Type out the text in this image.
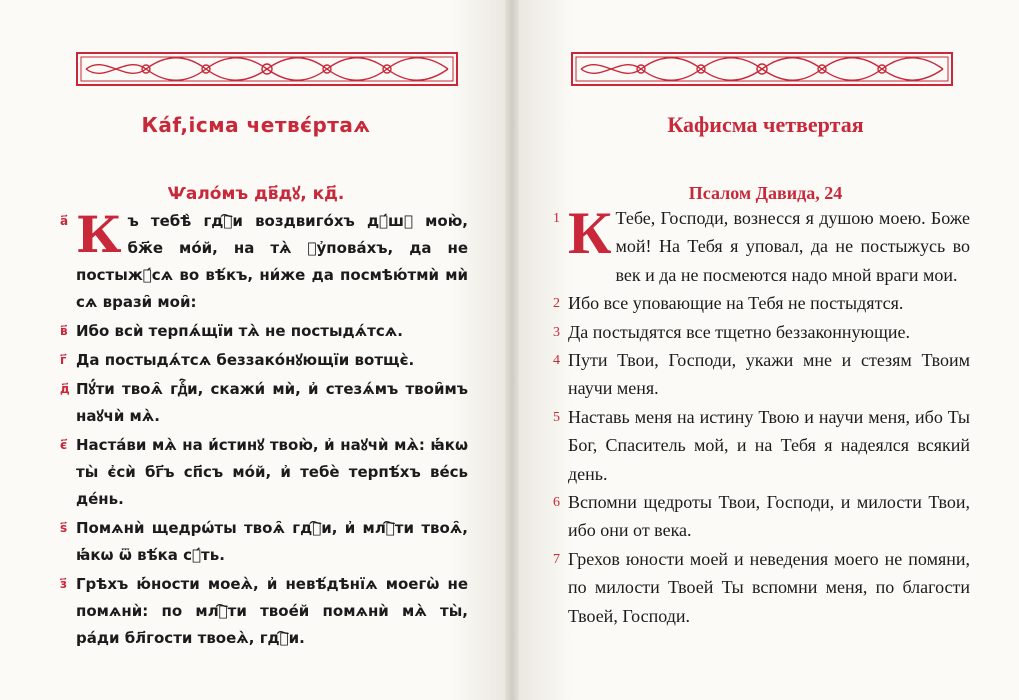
Ка́f,ісма четвє́ртаѧ
Ѱало́мъ дв҃дꙋ, кд҃.
а҃ К ъ тебѣ̀ гдⷭ҇и воздвиго́хъ дꙋ́шꙋ мою̀, бж҃е мо́й, на тѧ̀ ᲂу҆пова́хъ, да не постыжꙋ́сѧ во вѣ́къ, ни́же да посмѣю́тмѝ мѝ сѧ врази̑ мои̑:
в҃ Ибо всѝ терпѧ́щїи тѧ̀ не постыдѧ́тсѧ.
г҃ Да постыдѧ́тсѧ беззако́нꙋющїи вотщє̀.
д҃ Пꙋ́ти твоѧ̑ гдⷭ҇и, скажи́ мѝ, и҆ стезѧ́мъ твои̑мъ наꙋчѝ мѧ̀.
є҃ Наста́ви мѧ̀ на и҆́стинꙋ твою̀, и҆ наꙋчѝ мѧ̀: ꙗ҆́кѡ ты̀ є҆сѝ бг҃ъ сп҃съ мо́й, и҆ тебѐ терпѣ́хъ ве́сь де́нь.
ѕ҃ Помѧнѝ щедрѡ́ты твоѧ̑ гдⷭ҇и, и҆ млⷭ҇ти твоѧ̑, ꙗ҆́кѡ ѿ вѣ́ка сꙋ́ть.
з҃ Грѣхъ ю҆́ности моеѧ̀, и҆ невѣ́дѣнїѧ моегѡ̀ не помѧнѝ: по млⷭ҇ти твое́й помѧнѝ мѧ̀ ты̀, ра́ди бл҃гости твоеѧ̀, гдⷭ҇и.
Кафисма четвертая
Псалом Давида, 24
1 К Тебе, Господи, вознесся я душою моею. Боже мой! На Тебя я уповал, да не постыжусь во век и да не посмеются надо мной враги мои.
2 Ибо все уповающие на Тебя не постыдятся.
3 Да постыдятся все тщетно беззаконнующие.
4 Пути Твои, Господи, укажи мне и стезям Твоим научи меня.
5 Наставь меня на истину Твою и научи меня, ибо Ты Бог, Спаситель мой, и на Тебя я надеялся всякий день.
6 Вспомни щедроты Твои, Господи, и милости Твои, ибо они от века.
7 Грехов юности моей и неведения моего не помяни, по милости Твоей Ты вспомни меня, по благости Твоей, Господи.
